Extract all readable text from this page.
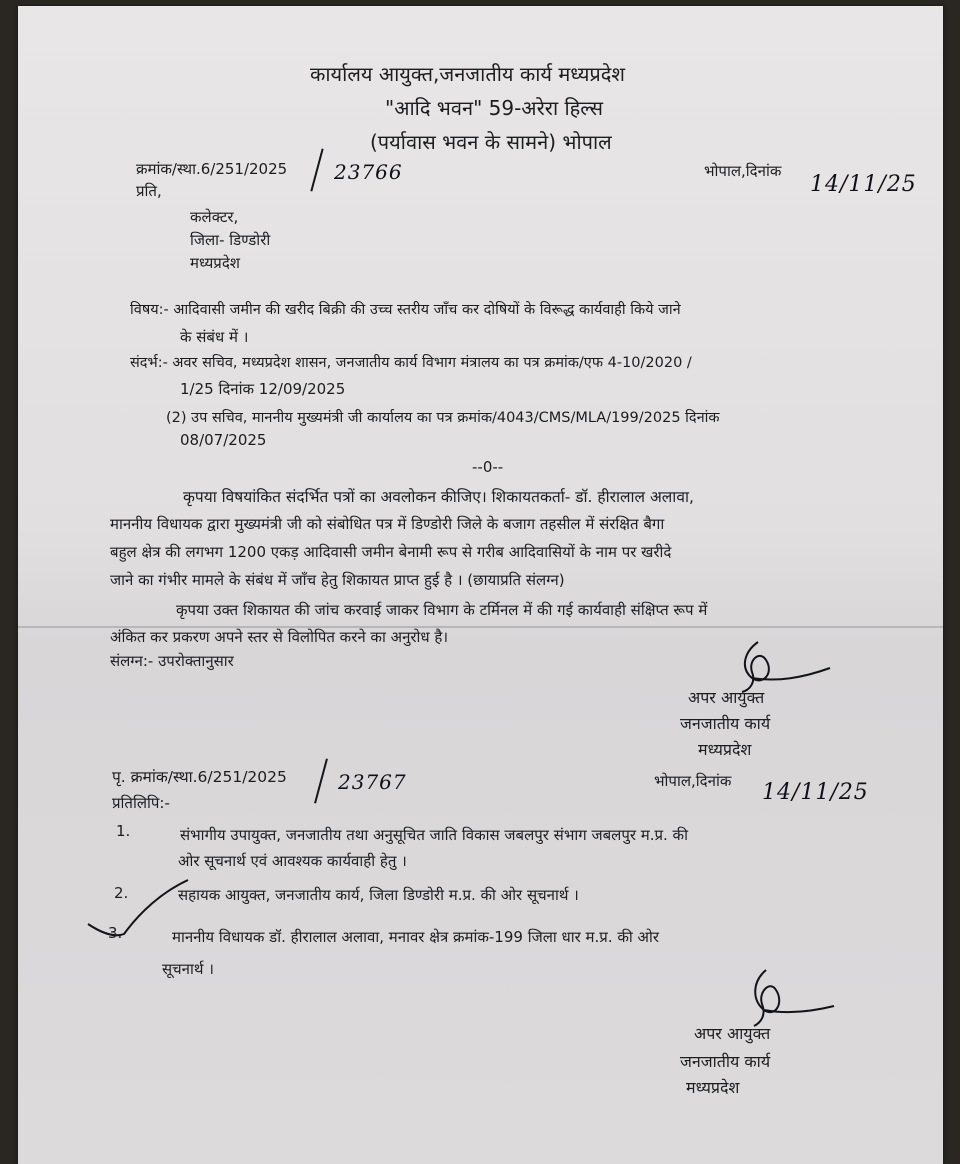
कार्यालय आयुक्त,जनजातीय कार्य मध्यप्रदेश
"आदि भवन" 59-अरेरा हिल्स
(पर्यावास भवन के सामने) भोपाल
क्रमांक/स्था.6/251/2025 23766	भोपाल,दिनांक
14/11/25
प्रति,
कलेक्टर,
जिला- डिण्डोरी
मध्यप्रदेश
विषय:- आदिवासी जमीन की खरीद बिक्री की उच्च स्तरीय जाँच कर दोषियों के विरूद्ध कार्यवाही किये जाने
के संबंध में ।
संदर्भ:- अवर सचिव, मध्यप्रदेश शासन, जनजातीय कार्य विभाग मंत्रालय का पत्र क्रमांक/एफ 4-10/2020 /
1/25 दिनांक 12/09/2025
(2) उप सचिव, माननीय मुख्यमंत्री जी कार्यालय का पत्र क्रमांक/4043/CMS/MLA/199/2025 दिनांक
08/07/2025
--0--
कृपया विषयांकित संदर्भित पत्रों का अवलोकन कीजिए। शिकायतकर्ता- डॉ. हीरालाल अलावा,
माननीय विधायक द्वारा मुख्यमंत्री जी को संबोधित पत्र में डिण्डोरी जिले के बजाग तहसील में संरक्षित बैगा
बहुल क्षेत्र की लगभग 1200 एकड़ आदिवासी जमीन बेनामी रूप से गरीब आदिवासियों के नाम पर खरीदे
जाने का गंभीर मामले के संबंध में जाँच हेतु शिकायत प्राप्त हुई है । (छायाप्रति संलग्न)
कृपया उक्त शिकायत की जांच करवाई जाकर विभाग के टर्मिनल में की गई कार्यवाही संक्षिप्त रूप में
अंकित कर प्रकरण अपने स्तर से विलोपित करने का अनुरोध है।
संलग्न:- उपरोक्तानुसार
अपर आयुक्त
जनजातीय कार्य
मध्यप्रदेश
पृ. क्रमांक/स्था.6/251/2025	23767	भोपाल,दिनांक 14/11/25
प्रतिलिपि:-
1.	संभागीय उपायुक्त, जनजातीय तथा अनुसूचित जाति विकास जबलपुर संभाग जबलपुर म.प्र. की
ओर सूचनार्थ एवं आवश्यक कार्यवाही हेतु ।
2.	सहायक आयुक्त, जनजातीय कार्य, जिला डिण्डोरी म.प्र. की ओर सूचनार्थ ।
3.	माननीय विधायक डॉ. हीरालाल अलावा, मनावर क्षेत्र क्रमांक-199 जिला धार म.प्र. की ओर
सूचनार्थ ।
अपर आयुक्त
जनजातीय कार्य
मध्यप्रदेश
